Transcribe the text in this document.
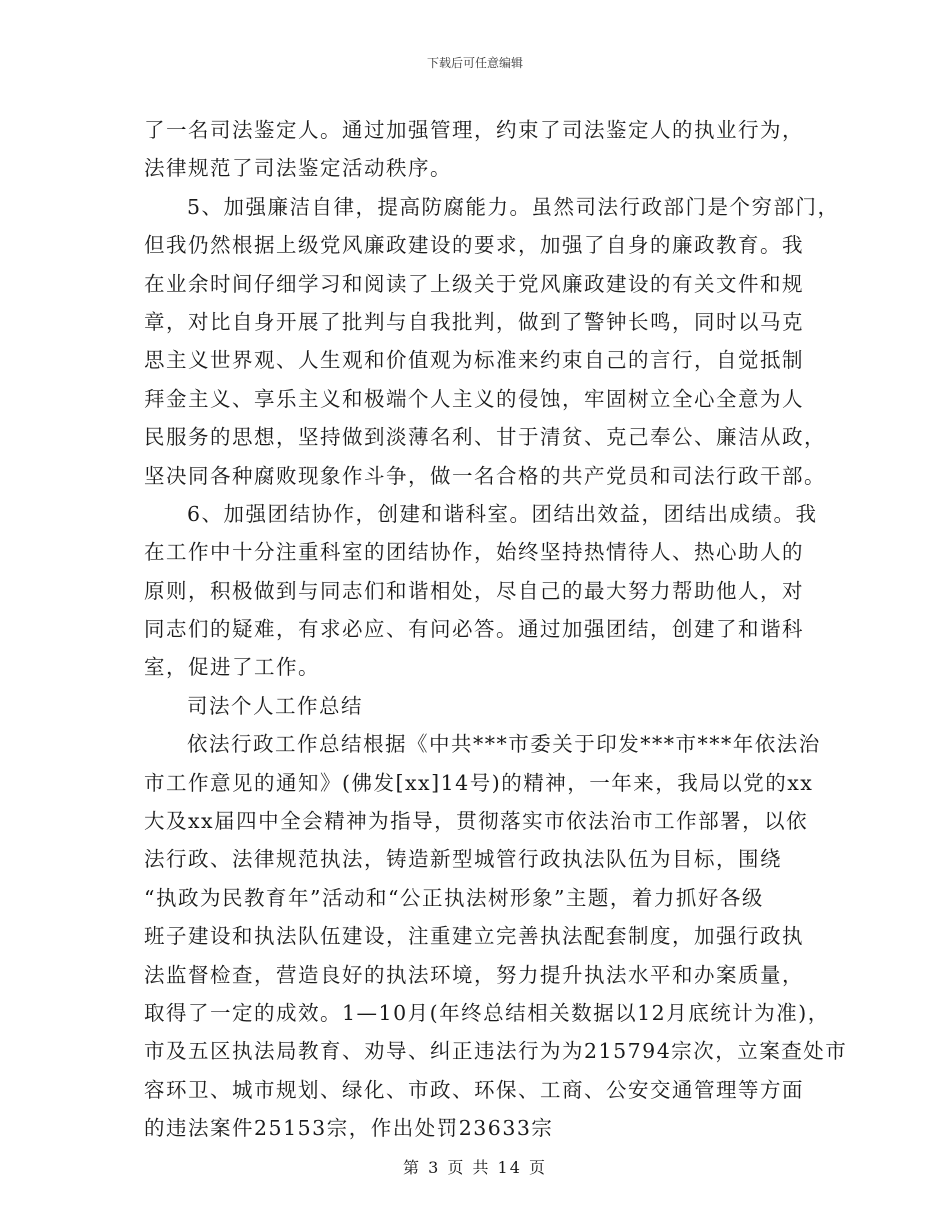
下载后可任意编辑
了一名司法鉴定人。通过加强管理，约束了司法鉴定人的执业行为，
法律规范了司法鉴定活动秩序。
5、加强廉洁自律，提高防腐能力。虽然司法行政部门是个穷部门，
但我仍然根据上级党风廉政建设的要求，加强了自身的廉政教育。我
在业余时间仔细学习和阅读了上级关于党风廉政建设的有关文件和规
章，对比自身开展了批判与自我批判，做到了警钟长鸣，同时以马克
思主义世界观、人生观和价值观为标准来约束自己的言行，自觉抵制
拜金主义、享乐主义和极端个人主义的侵蚀，牢固树立全心全意为人
民服务的思想，坚持做到淡薄名利、甘于清贫、克己奉公、廉洁从政，
坚决同各种腐败现象作斗争，做一名合格的共产党员和司法行政干部。
6、加强团结协作，创建和谐科室。团结出效益，团结出成绩。我
在工作中十分注重科室的团结协作，始终坚持热情待人、热心助人的
原则，积极做到与同志们和谐相处，尽自己的最大努力帮助他人，对
同志们的疑难，有求必应、有问必答。通过加强团结，创建了和谐科
室，促进了工作。
司法个人工作总结
依法行政工作总结根据《中共***市委关于印发***市***年依法治
市工作意见的通知》(佛发[xx]14号)的精神，一年来，我局以党的xx
大及xx届四中全会精神为指导，贯彻落实市依法治市工作部署，以依
法行政、法律规范执法，铸造新型城管行政执法队伍为目标，围绕
“执政为民教育年”活动和“公正执法树形象”主题，着力抓好各级
班子建设和执法队伍建设，注重建立完善执法配套制度，加强行政执
法监督检查，营造良好的执法环境，努力提升执法水平和办案质量，
取得了一定的成效。1—10月(年终总结相关数据以12月底统计为准)，
市及五区执法局教育、劝导、纠正违法行为为215794宗次，立案查处市
容环卫、城市规划、绿化、市政、环保、工商、公安交通管理等方面
的违法案件25153宗，作出处罚23633宗
第 3 页 共 14 页
